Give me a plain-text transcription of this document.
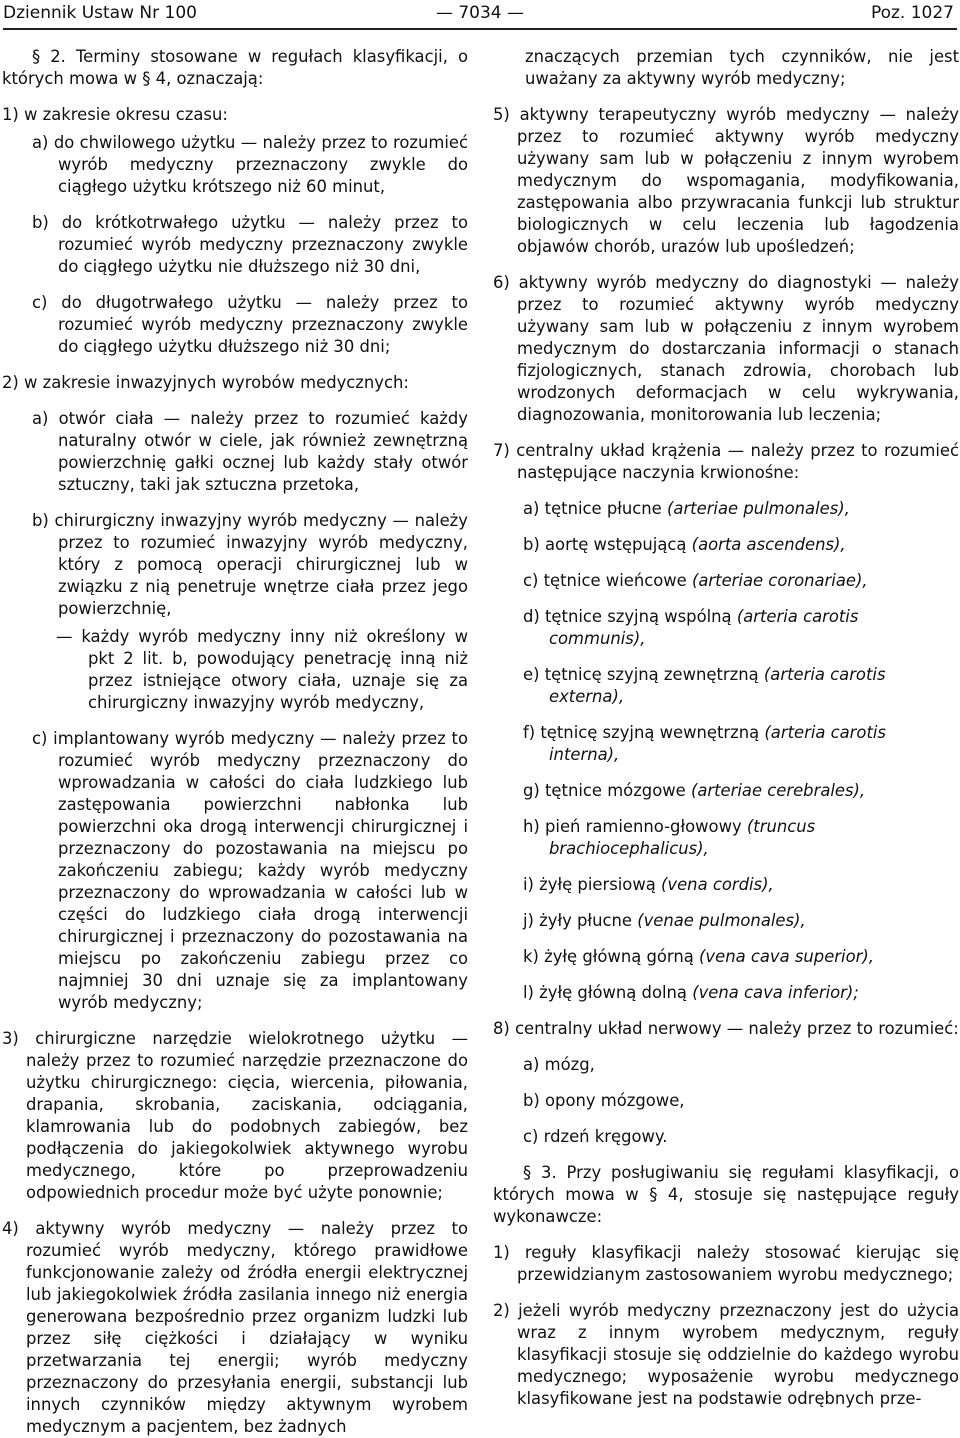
Dziennik Ustaw Nr 100	— 7034 —	Poz. 1027

§ 2. Terminy stosowane w regułach klasyfikacji, o których mowa w § 4, oznaczają:

1) w zakresie okresu czasu:

a) do chwilowego użytku — należy przez to rozumieć wyrób medyczny przeznaczony zwykle do ciągłego użytku krótszego niż 60 minut,

b) do krótkotrwałego użytku — należy przez to rozumieć wyrób medyczny przeznaczony zwykle do ciągłego użytku nie dłuższego niż 30 dni,

c) do długotrwałego użytku — należy przez to rozumieć wyrób medyczny przeznaczony zwykle do ciągłego użytku dłuższego niż 30 dni;

2) w zakresie inwazyjnych wyrobów medycznych:

a) otwór ciała — należy przez to rozumieć każdy naturalny otwór w ciele, jak również zewnętrzną powierzchnię gałki ocznej lub każdy stały otwór sztuczny, taki jak sztuczna przetoka,

b) chirurgiczny inwazyjny wyrób medyczny — należy przez to rozumieć inwazyjny wyrób medyczny, który z pomocą operacji chirurgicznej lub w związku z nią penetruje wnętrze ciała przez jego powierzchnię,

— każdy wyrób medyczny inny niż określony w pkt 2 lit. b, powodujący penetrację inną niż przez istniejące otwory ciała, uznaje się za chirurgiczny inwazyjny wyrób medyczny,

c) implantowany wyrób medyczny — należy przez to rozumieć wyrób medyczny przeznaczony do wprowadzania w całości do ciała ludzkiego lub zastępowania powierzchni nabłonka lub powierzchni oka drogą interwencji chirurgicznej i przeznaczony do pozostawania na miejscu po zakończeniu zabiegu; każdy wyrób medyczny przeznaczony do wprowadzania w całości lub w części do ludzkiego ciała drogą interwencji chirurgicznej i przeznaczony do pozostawania na miejscu po zakończeniu zabiegu przez co najmniej 30 dni uznaje się za implantowany wyrób medyczny;

3) chirurgiczne narzędzie wielokrotnego użytku — należy przez to rozumieć narzędzie przeznaczone do użytku chirurgicznego: cięcia, wiercenia, piłowania, drapania, skrobania, zaciskania, odciągania, klamrowania lub do podobnych zabiegów, bez podłączenia do jakiegokolwiek aktywnego wyrobu medycznego, które po przeprowadzeniu odpowiednich procedur może być użyte ponownie;

4) aktywny wyrób medyczny — należy przez to rozumieć wyrób medyczny, którego prawidłowe funkcjonowanie zależy od źródła energii elektrycznej lub jakiegokolwiek źródła zasilania innego niż energia generowana bezpośrednio przez organizm ludzki lub przez siłę ciężkości i działający w wyniku przetwarzania tej energii; wyrób medyczny przeznaczony do przesyłania energii, substancji lub innych czynników między aktywnym wyrobem medycznym a pacjentem, bez żadnych

znaczących przemian tych czynników, nie jest uważany za aktywny wyrób medyczny;

5) aktywny terapeutyczny wyrób medyczny — należy przez to rozumieć aktywny wyrób medyczny używany sam lub w połączeniu z innym wyrobem medycznym do wspomagania, modyfikowania, zastępowania albo przywracania funkcji lub struktur biologicznych w celu leczenia lub łagodzenia objawów chorób, urazów lub upośledzeń;

6) aktywny wyrób medyczny do diagnostyki — należy przez to rozumieć aktywny wyrób medyczny używany sam lub w połączeniu z innym wyrobem medycznym do dostarczania informacji o stanach fizjologicznych, stanach zdrowia, chorobach lub wrodzonych deformacjach w celu wykrywania, diagnozowania, monitorowania lub leczenia;

7) centralny układ krążenia — należy przez to rozumieć następujące naczynia krwionośne:

a) tętnice płucne (arteriae pulmonales),

b) aortę wstępującą (aorta ascendens),

c) tętnice wieńcowe (arteriae coronariae),

d) tętnice szyjną wspólną (arteria carotis communis),

e) tętnicę szyjną zewnętrzną (arteria carotis externa),

f) tętnicę szyjną wewnętrzną (arteria carotis interna),

g) tętnice mózgowe (arteriae cerebrales),

h) pień ramienno-głowowy (truncus brachiocephalicus),

i) żyłę piersiową (vena cordis),

j) żyły płucne (venae pulmonales),

k) żyłę główną górną (vena cava superior),

l) żyłę główną dolną (vena cava inferior);

8) centralny układ nerwowy — należy przez to rozumieć:

a) mózg,

b) opony mózgowe,

c) rdzeń kręgowy.

§ 3. Przy posługiwaniu się regułami klasyfikacji, o których mowa w § 4, stosuje się następujące reguły wykonawcze:

1) reguły klasyfikacji należy stosować kierując się przewidzianym zastosowaniem wyrobu medycznego;

2) jeżeli wyrób medyczny przeznaczony jest do użycia wraz z innym wyrobem medycznym, reguły klasyfikacji stosuje się oddzielnie do każdego wyrobu medycznego; wyposażenie wyrobu medycznego klasyfikowane jest na podstawie odrębnych prze-
